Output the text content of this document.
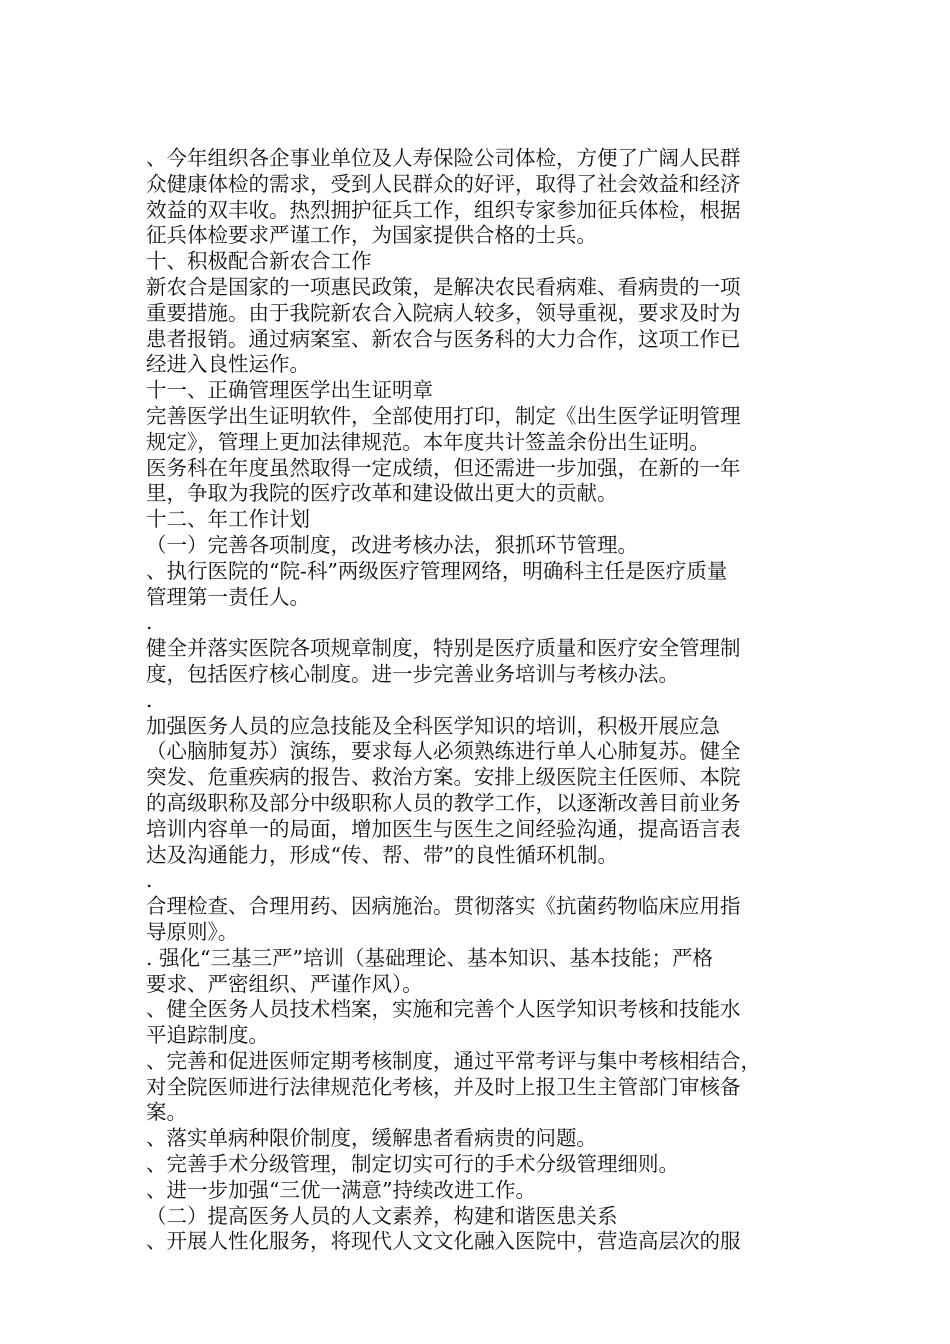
、今年组织各企事业单位及人寿保险公司体检，方便了广阔人民群
众健康体检的需求，受到人民群众的好评，取得了社会效益和经济
效益的双丰收。热烈拥护征兵工作，组织专家参加征兵体检，根据
征兵体检要求严谨工作，为国家提供合格的士兵。
十、积极配合新农合工作
新农合是国家的一项惠民政策，是解决农民看病难、看病贵的一项
重要措施。由于我院新农合入院病人较多，领导重视，要求及时为
患者报销。通过病案室、新农合与医务科的大力合作，这项工作已
经进入良性运作。
十一、正确管理医学出生证明章
完善医学出生证明软件，全部使用打印，制定《出生医学证明管理
规定》，管理上更加法律规范。本年度共计签盖余份出生证明。
医务科在年度虽然取得一定成绩，但还需进一步加强，在新的一年
里，争取为我院的医疗改革和建设做出更大的贡献。
十二、年工作计划
（一）完善各项制度，改进考核办法，狠抓环节管理。
、执行医院的“院-科”两级医疗管理网络，明确科主任是医疗质量
管理第一责任人。
.
健全并落实医院各项规章制度，特别是医疗质量和医疗安全管理制
度，包括医疗核心制度。进一步完善业务培训与考核办法。
.
加强医务人员的应急技能及全科医学知识的培训，积极开展应急
（心脑肺复苏）演练，要求每人必须熟练进行单人心肺复苏。健全
突发、危重疾病的报告、救治方案。安排上级医院主任医师、本院
的高级职称及部分中级职称人员的教学工作，以逐渐改善目前业务
培训内容单一的局面，增加医生与医生之间经验沟通，提高语言表
达及沟通能力，形成“传、帮、带”的良性循环机制。
.
合理检查、合理用药、因病施治。贯彻落实《抗菌药物临床应用指
导原则》。
. 强化“三基三严”培训（基础理论、基本知识、基本技能；严格
要求、严密组织、严谨作风）。
、健全医务人员技术档案，实施和完善个人医学知识考核和技能水
平追踪制度。
、完善和促进医师定期考核制度，通过平常考评与集中考核相结合，
对全院医师进行法律规范化考核，并及时上报卫生主管部门审核备
案。
、落实单病种限价制度，缓解患者看病贵的问题。
、完善手术分级管理，制定切实可行的手术分级管理细则。
、进一步加强“三优一满意”持续改进工作。
（二）提高医务人员的人文素养，构建和谐医患关系
、开展人性化服务，将现代人文文化融入医院中，营造高层次的服
